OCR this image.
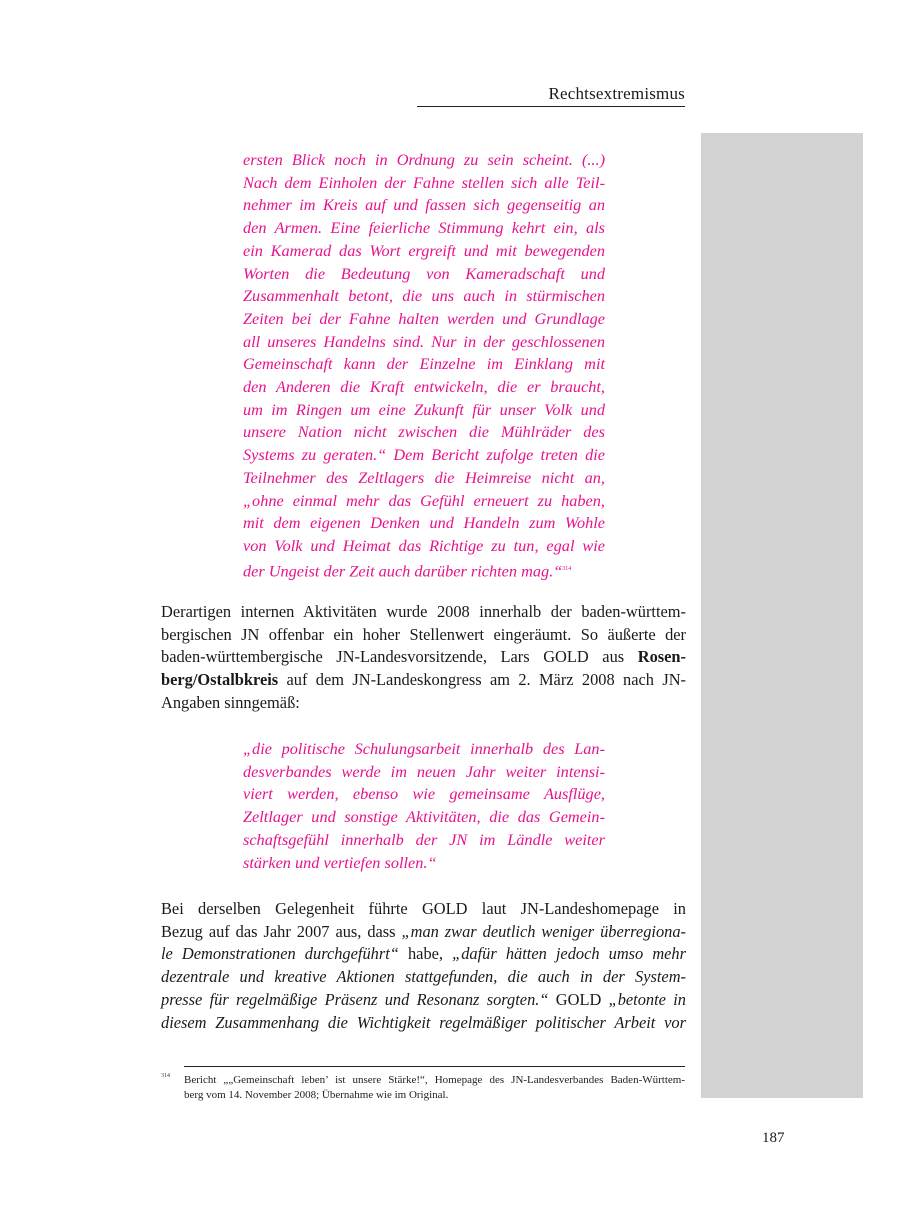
Rechtsextremismus
ersten Blick noch in Ordnung zu sein scheint. (...)
Nach dem Einholen der Fahne stellen sich alle Teil-
nehmer im Kreis auf und fassen sich gegenseitig an
den Armen. Eine feierliche Stimmung kehrt ein, als
ein Kamerad das Wort ergreift und mit bewegenden
Worten die Bedeutung von Kameradschaft und
Zusammenhalt betont, die uns auch in stürmischen
Zeiten bei der Fahne halten werden und Grundlage
all unseres Handelns sind. Nur in der geschlossenen
Gemeinschaft kann der Einzelne im Einklang mit
den Anderen die Kraft entwickeln, die er braucht,
um im Ringen um eine Zukunft für unser Volk und
unsere Nation nicht zwischen die Mühlräder des
Systems zu geraten.“ Dem Bericht zufolge treten die
Teilnehmer des Zeltlagers die Heimreise nicht an,
„ohne einmal mehr das Gefühl erneuert zu haben,
mit dem eigenen Denken und Handeln zum Wohle
von Volk und Heimat das Richtige zu tun, egal wie
der Ungeist der Zeit auch darüber richten mag.“$^{314}$
Derartigen internen Aktivitäten wurde 2008 innerhalb der baden-württem-
bergischen JN offenbar ein hoher Stellenwert eingeräumt. So äußerte der
baden-württembergische JN-Landesvorsitzende, Lars GOLD aus Rosen-
berg/Ostalbkreis auf dem JN-Landeskongress am 2. März 2008 nach JN-
Angaben sinngemäß:
„die politische Schulungsarbeit innerhalb des Lan-
desverbandes werde im neuen Jahr weiter intensi-
viert werden, ebenso wie gemeinsame Ausflüge,
Zeltlager und sonstige Aktivitäten, die das Gemein-
schaftsgefühl innerhalb der JN im Ländle weiter
stärken und vertiefen sollen.“
Bei derselben Gelegenheit führte GOLD laut JN-Landeshomepage in
Bezug auf das Jahr 2007 aus, dass „man zwar deutlich weniger überregiona-
le Demonstrationen durchgeführt“ habe, „dafür hätten jedoch umso mehr
dezentrale und kreative Aktionen stattgefunden, die auch in der System-
presse für regelmäßige Präsenz und Resonanz sorgten.“ GOLD „betonte in
diesem Zusammenhang die Wichtigkeit regelmäßiger politischer Arbeit vor
314 Bericht „„Gemeinschaft leben’ ist unsere Stärke!“, Homepage des JN-Landesverbandes Baden-Württem-
berg vom 14. November 2008; Übernahme wie im Original.
187
